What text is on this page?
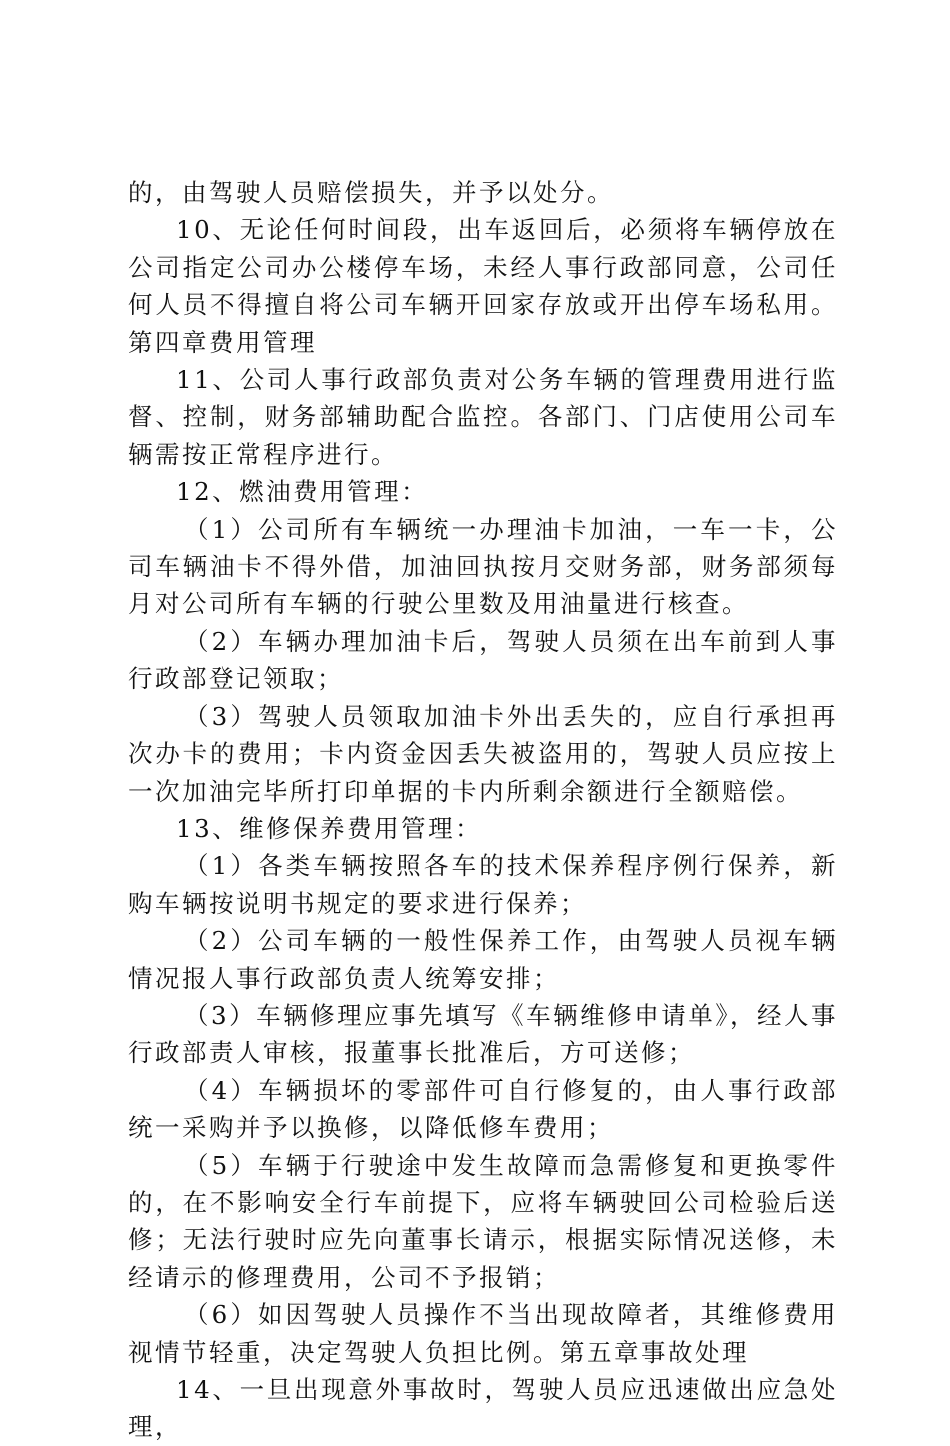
的，由驾驶人员赔偿损失，并予以处分。

10、无论任何时间段，出车返回后，必须将车辆停放在公司指定公司办公楼停车场，未经人事行政部同意，公司任何人员不得擅自将公司车辆开回家存放或开出停车场私用。第四章费用管理

11、公司人事行政部负责对公务车辆的管理费用进行监督、控制，财务部辅助配合监控。各部门、门店使用公司车辆需按正常程序进行。

12、燃油费用管理：

（1）公司所有车辆统一办理油卡加油，一车一卡，公司车辆油卡不得外借，加油回执按月交财务部，财务部须每月对公司所有车辆的行驶公里数及用油量进行核查。

（2）车辆办理加油卡后，驾驶人员须在出车前到人事行政部登记领取；

（3）驾驶人员领取加油卡外出丢失的，应自行承担再次办卡的费用；卡内资金因丢失被盗用的，驾驶人员应按上一次加油完毕所打印单据的卡内所剩余额进行全额赔偿。

13、维修保养费用管理：

（1）各类车辆按照各车的技术保养程序例行保养，新购车辆按说明书规定的要求进行保养；

（2）公司车辆的一般性保养工作，由驾驶人员视车辆情况报人事行政部负责人统筹安排；

（3）车辆修理应事先填写《车辆维修申请单》，经人事行政部责人审核，报董事长批准后，方可送修；

（4）车辆损坏的零部件可自行修复的，由人事行政部统一采购并予以换修，以降低修车费用；

（5）车辆于行驶途中发生故障而急需修复和更换零件的，在不影响安全行车前提下，应将车辆驶回公司检验后送修；无法行驶时应先向董事长请示，根据实际情况送修，未经请示的修理费用，公司不予报销；

（6）如因驾驶人员操作不当出现故障者，其维修费用视情节轻重，决定驾驶人负担比例。第五章事故处理

14、一旦出现意外事故时，驾驶人员应迅速做出应急处理，
